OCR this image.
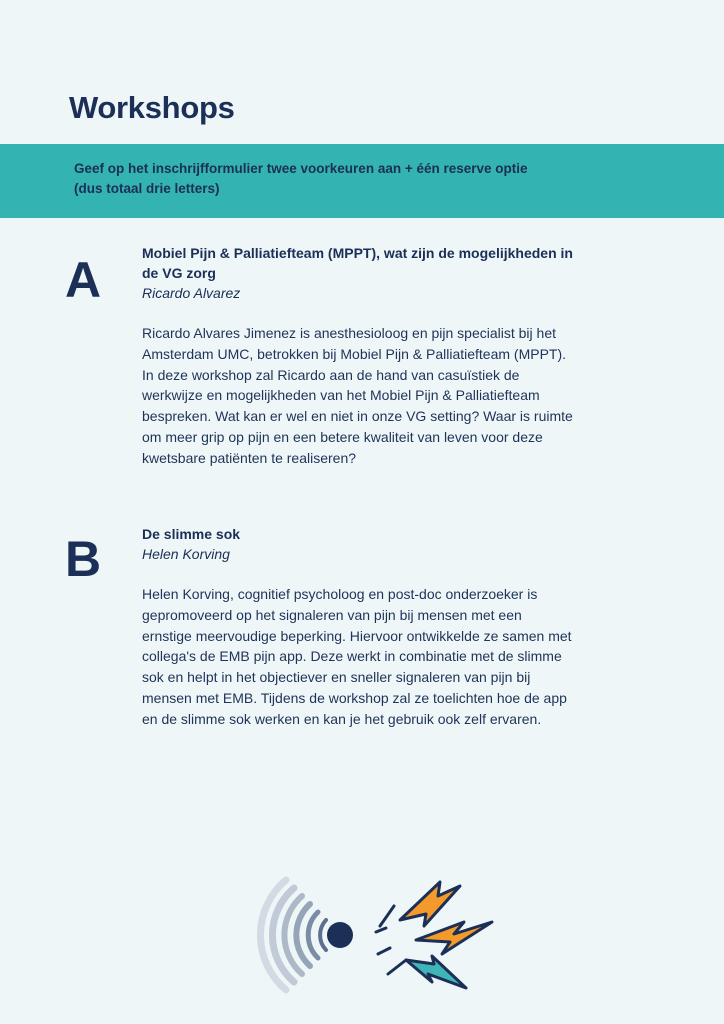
Workshops

Geef op het inschrijfformulier twee voorkeuren aan + één reserve optie
(dus totaal drie letters)

A	Mobiel Pijn & Palliatiefteam (MPPT), wat zijn de mogelijkheden in
de VG zorg

Ricardo Alvarez

Ricardo Alvares Jimenez is anesthesioloog en pijn specialist bij het
Amsterdam UMC, betrokken bij Mobiel Pijn & Palliatiefteam (MPPT).
In deze workshop zal Ricardo aan de hand van casuïstiek de
werkwijze en mogelijkheden van het Mobiel Pijn & Palliatiefteam
bespreken. Wat kan er wel en niet in onze VG setting? Waar is ruimte
om meer grip op pijn en een betere kwaliteit van leven voor deze
kwetsbare patiënten te realiseren?

B	De slimme sok

Helen Korving

Helen Korving, cognitief psycholoog en post-doc onderzoeker is
gepromoveerd op het signaleren van pijn bij mensen met een
ernstige meervoudige beperking. Hiervoor ontwikkelde ze samen met
collega's de EMB pijn app. Deze werkt in combinatie met de slimme
sok en helpt in het objectiever en sneller signaleren van pijn bij
mensen met EMB. Tijdens de workshop zal ze toelichten hoe de app
en de slimme sok werken en kan je het gebruik ook zelf ervaren.
